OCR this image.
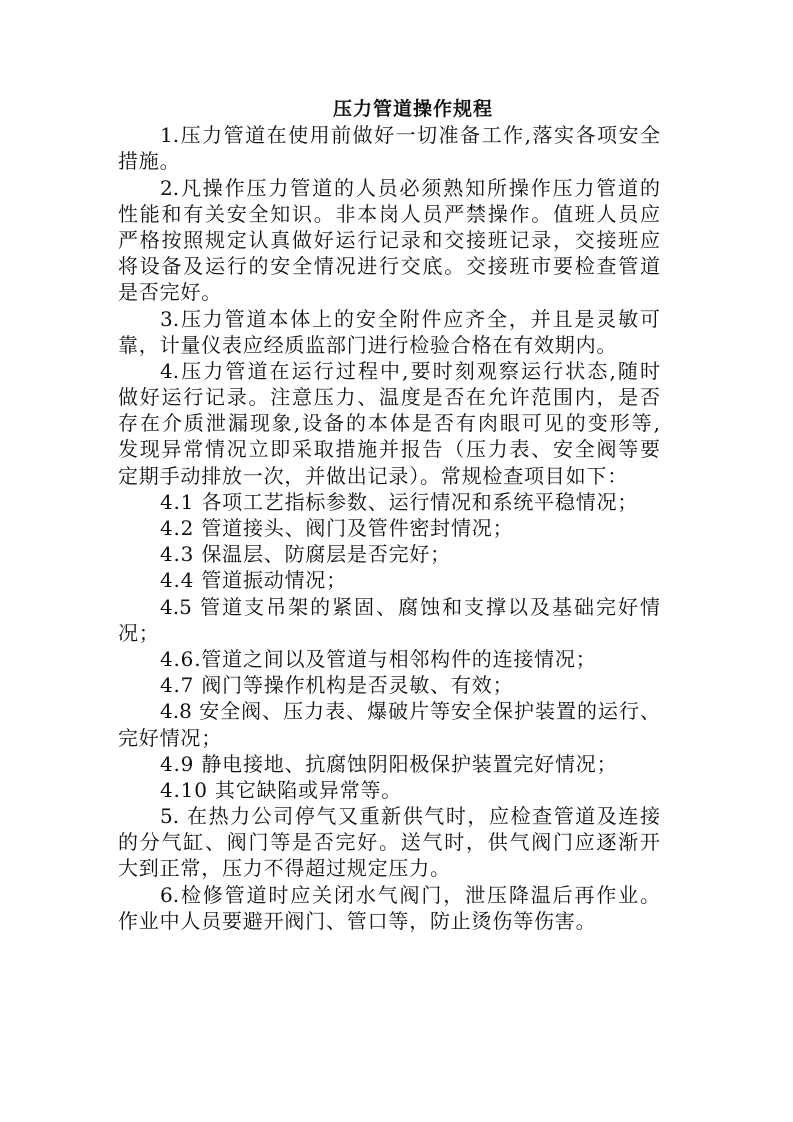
压力管道操作规程
1.压力管道在使用前做好一切准备工作,落实各项安全
措施。
2.凡操作压力管道的人员必须熟知所操作压力管道的
性能和有关安全知识。非本岗人员严禁操作。值班人员应
严格按照规定认真做好运行记录和交接班记录，交接班应
将设备及运行的安全情况进行交底。交接班市要检查管道
是否完好。
3.压力管道本体上的安全附件应齐全，并且是灵敏可
靠，计量仪表应经质监部门进行检验合格在有效期内。
4.压力管道在运行过程中,要时刻观察运行状态,随时
做好运行记录。注意压力、温度是否在允许范围内，是否
存在介质泄漏现象,设备的本体是否有肉眼可见的变形等,
发现异常情况立即采取措施并报告（压力表、安全阀等要
定期手动排放一次，并做出记录）。常规检查项目如下：
4.1 各项工艺指标参数、运行情况和系统平稳情况；
4.2 管道接头、阀门及管件密封情况；
4.3 保温层、防腐层是否完好；
4.4 管道振动情况；
4.5 管道支吊架的紧固、腐蚀和支撑以及基础完好情
况；
4.6.管道之间以及管道与相邻构件的连接情况；
4.7 阀门等操作机构是否灵敏、有效；
4.8 安全阀、压力表、爆破片等安全保护装置的运行、
完好情况；
4.9 静电接地、抗腐蚀阴阳极保护装置完好情况；
4.10 其它缺陷或异常等。
5. 在热力公司停气又重新供气时，应检查管道及连接
的分气缸、阀门等是否完好。送气时，供气阀门应逐渐开
大到正常，压力不得超过规定压力。
6.检修管道时应关闭水气阀门，泄压降温后再作业。
作业中人员要避开阀门、管口等，防止烫伤等伤害。
